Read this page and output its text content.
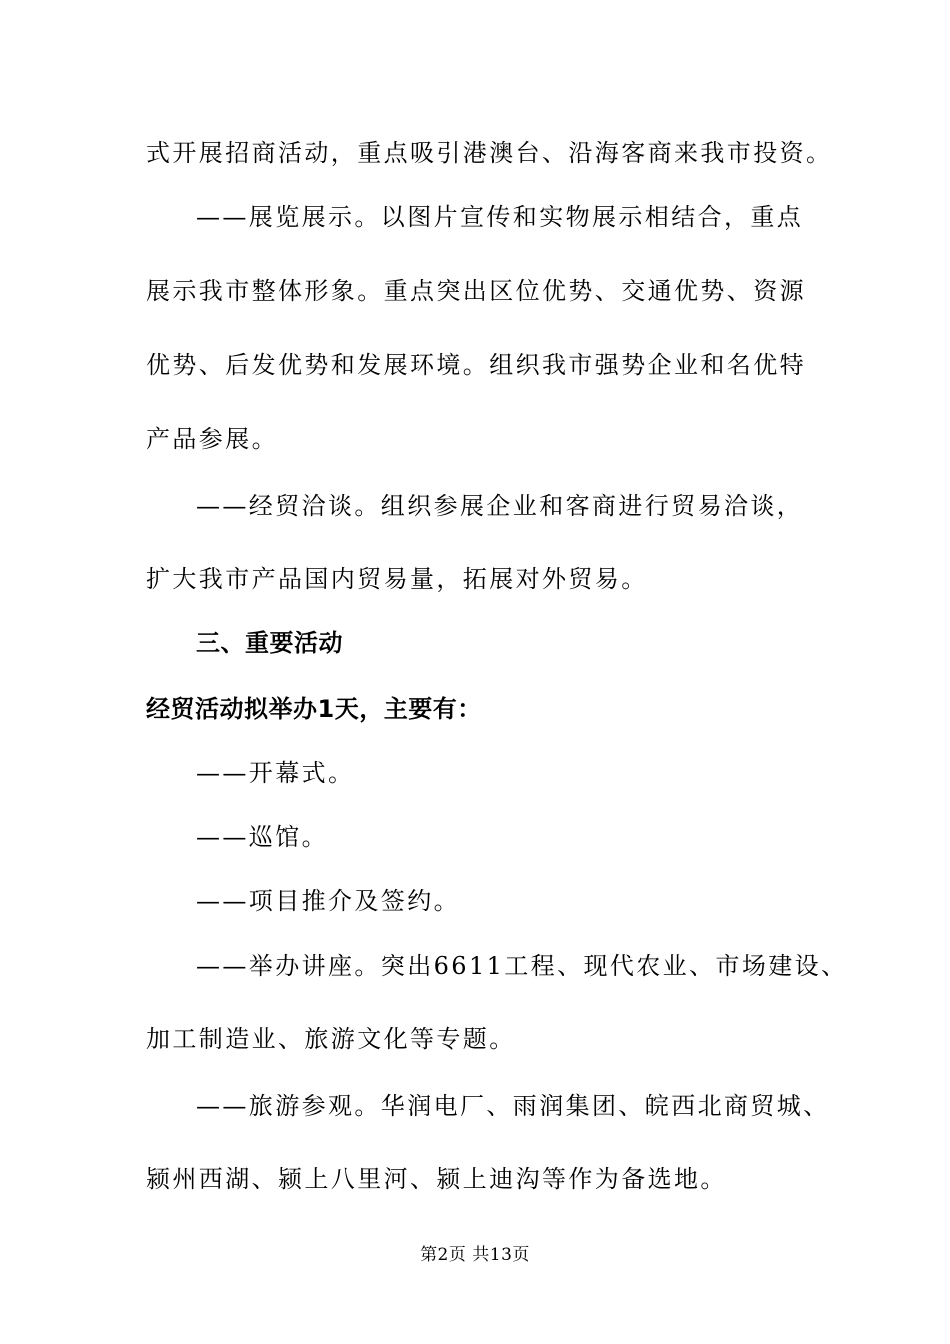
式开展招商活动，重点吸引港澳台、沿海客商来我市投资。
——展览展示。以图片宣传和实物展示相结合，重点
展示我市整体形象。重点突出区位优势、交通优势、资源
优势、后发优势和发展环境。组织我市强势企业和名优特
产品参展。
——经贸洽谈。组织参展企业和客商进行贸易洽谈，
扩大我市产品国内贸易量，拓展对外贸易。
三、重要活动
经贸活动拟举办1天，主要有：
——开幕式。
——巡馆。
——项目推介及签约。
——举办讲座。突出6611工程、现代农业、市场建设、
加工制造业、旅游文化等专题。
——旅游参观。华润电厂、雨润集团、皖西北商贸城、
颍州西湖、颍上八里河、颍上迪沟等作为备选地。
第2页 共13页
